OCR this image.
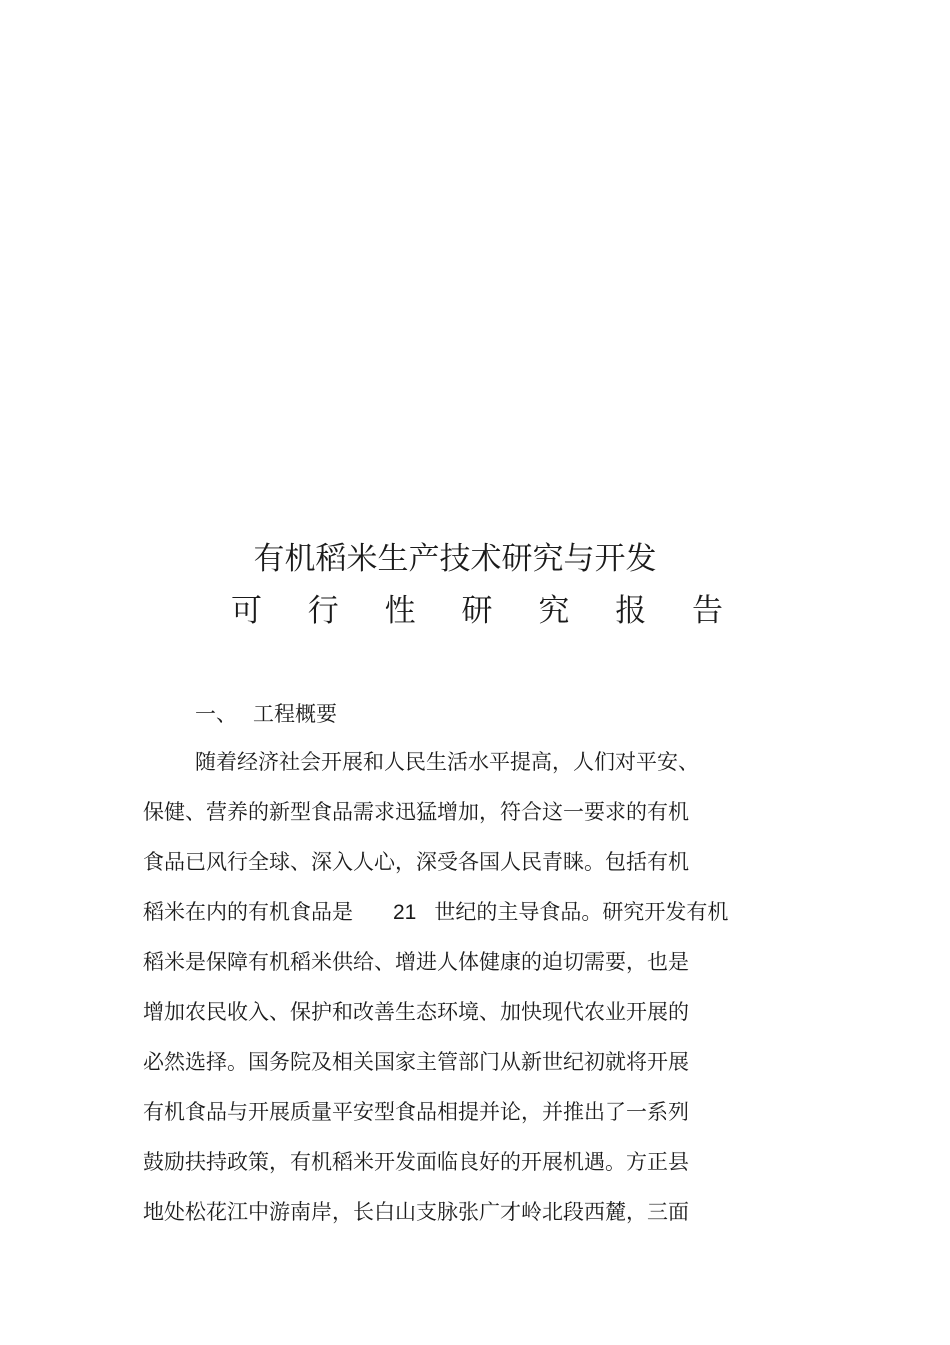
有机稻米生产技术研究与开发
可 行 性 研 究 报 告
一、 工程概要
随着经济社会开展和人民生活水平提高，人们对平安、
保健、营养的新型食品需求迅猛增加，符合这一要求的有机
食品已风行全球、深入人心，深受各国人民青睐。包括有机
稻米在内的有机食品是 21 世纪的主导食品。研究开发有机
稻米是保障有机稻米供给、增进人体健康的迫切需要，也是
增加农民收入、保护和改善生态环境、加快现代农业开展的
必然选择。国务院及相关国家主管部门从新世纪初就将开展
有机食品与开展质量平安型食品相提并论，并推出了一系列
鼓励扶持政策，有机稻米开发面临良好的开展机遇。方正县
地处松花江中游南岸，长白山支脉张广才岭北段西麓，三面
